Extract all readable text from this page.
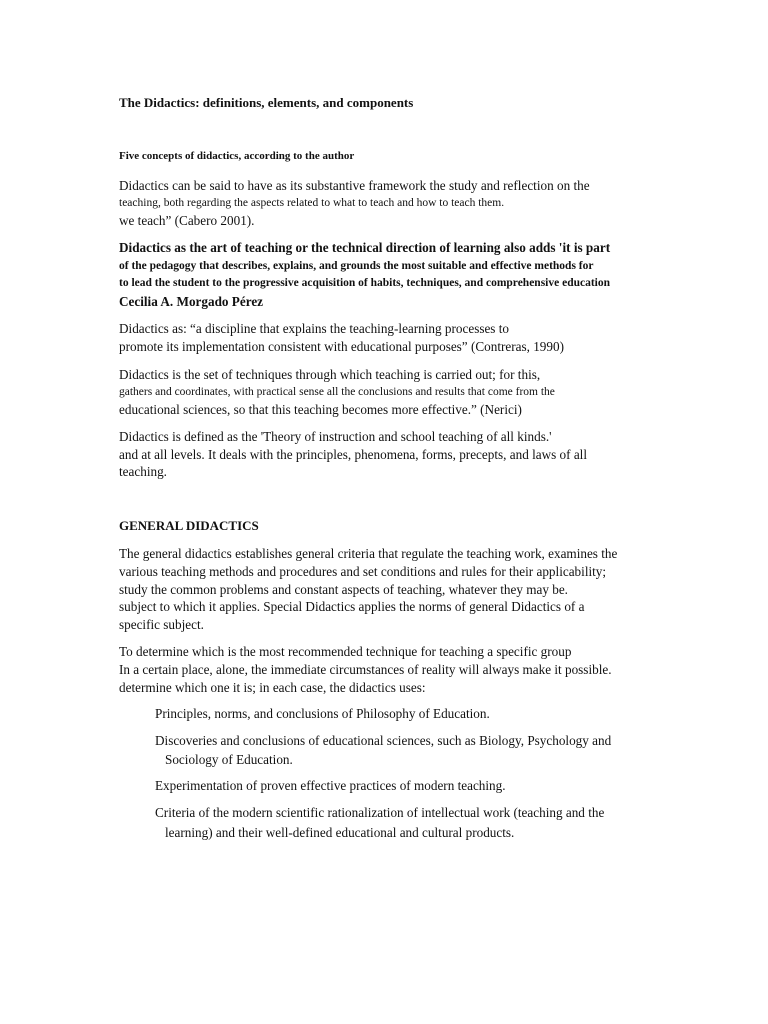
The Didactics: definitions, elements, and components
Five concepts of didactics, according to the author
Didactics can be said to have as its substantive framework the study and reflection on the
teaching, both regarding the aspects related to what to teach and how to teach them.
we teach” (Cabero 2001).
Didactics as the art of teaching or the technical direction of learning also adds 'it is part
of the pedagogy that describes, explains, and grounds the most suitable and effective methods for
to lead the student to the progressive acquisition of habits, techniques, and comprehensive education
Cecilia A. Morgado Pérez
Didactics as: “a discipline that explains the teaching-learning processes to
promote its implementation consistent with educational purposes” (Contreras, 1990)
Didactics is the set of techniques through which teaching is carried out; for this,
gathers and coordinates, with practical sense all the conclusions and results that come from the
educational sciences, so that this teaching becomes more effective.” (Nerici)
Didactics is defined as the 'Theory of instruction and school teaching of all kinds.'
and at all levels. It deals with the principles, phenomena, forms, precepts, and laws of all
teaching.
GENERAL DIDACTICS
The general didactics establishes general criteria that regulate the teaching work, examines the
various teaching methods and procedures and set conditions and rules for their applicability;
study the common problems and constant aspects of teaching, whatever they may be.
subject to which it applies. Special Didactics applies the norms of general Didactics of a
specific subject.
To determine which is the most recommended technique for teaching a specific group
In a certain place, alone, the immediate circumstances of reality will always make it possible.
determine which one it is; in each case, the didactics uses:
Principles, norms, and conclusions of Philosophy of Education.
Discoveries and conclusions of educational sciences, such as Biology, Psychology and
Sociology of Education.
Experimentation of proven effective practices of modern teaching.
Criteria of the modern scientific rationalization of intellectual work (teaching and the
learning) and their well-defined educational and cultural products.
